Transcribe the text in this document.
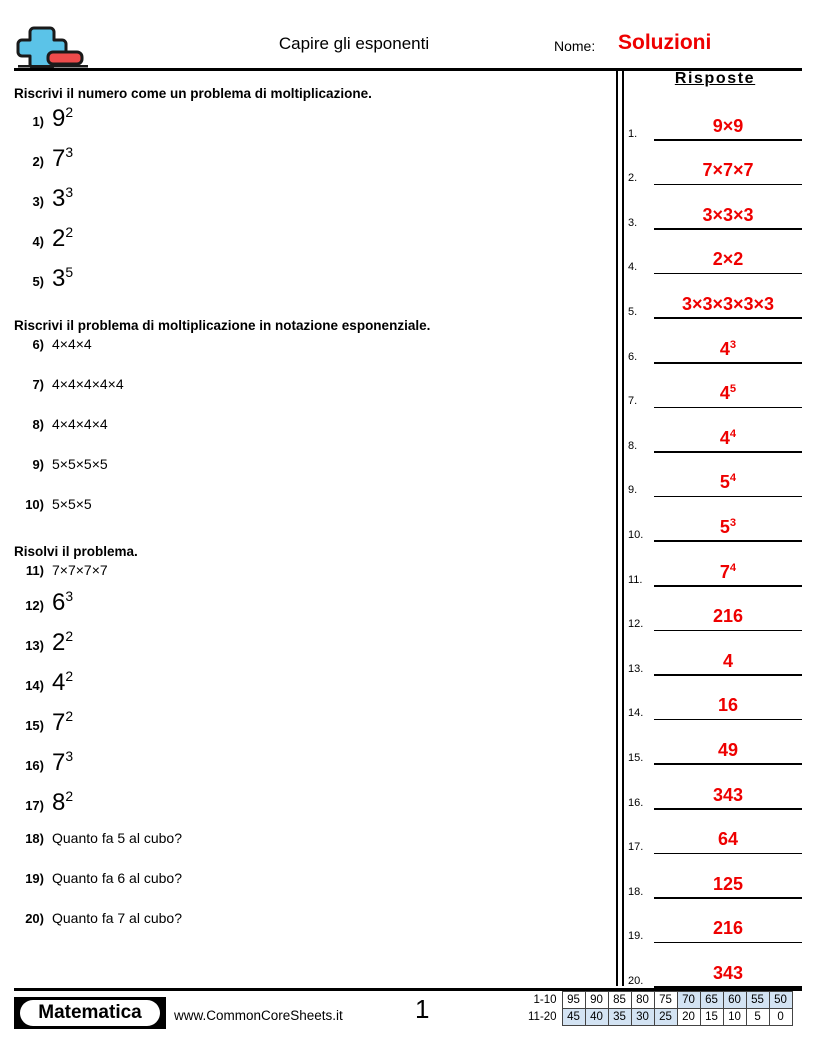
Capire gli esponenti	Nome: Soluzioni
Riscrivi il numero come un problema di moltiplicazione.
1) $9^2$
2) $7^3$
3) $3^3$
4) $2^2$
5) $3^5$
Riscrivi il problema di moltiplicazione in notazione esponenziale.
6) 4×4×4
7) 4×4×4×4×4
8) 4×4×4×4
9) 5×5×5×5
10) 5×5×5
Risolvi il problema.
11) 7×7×7×7
12) $6^3$
13) $2^2$
14) $4^2$
15) $7^2$
16) $7^3$
17) $8^2$
18) Quanto fa 5 al cubo?
19) Quanto fa 6 al cubo?
20) Quanto fa 7 al cubo?
Risposte
1.	9×9
2.	7×7×7
3.	3×3×3
4.	2×2
5.	3×3×3×3×3
6.	$4^3$
7.	$4^5$
8.	$4^4$
9.	$5^4$
10.	$5^3$
11.	$7^4$
12.	216
13.	4
14.	16
15.	49
16.	343
17.	64
18.	125
19.	216
20.	343
Matematica	www.CommonCoreSheets.it	1	1-10	95	90	85	80	75	70	65	60	55	50
11-20	45	40	35	30	25	20	15	10	5	0
